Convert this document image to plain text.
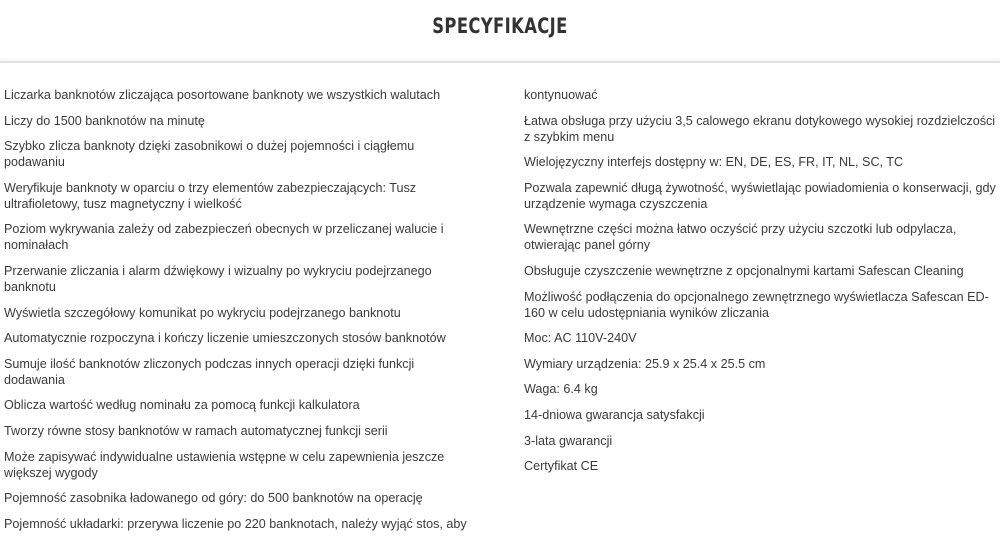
SPECYFIKACJE
Liczarka banknotów zliczająca posortowane banknoty we wszystkich walutach
Liczy do 1500 banknotów na minutę
Szybko zlicza banknoty dzięki zasobnikowi o dużej pojemności i ciągłemu podawaniu
Weryfikuje banknoty w oparciu o trzy elementów zabezpieczających: Tusz ultrafioletowy, tusz magnetyczny i wielkość
Poziom wykrywania zależy od zabezpieczeń obecnych w przeliczanej walucie i nominałach
Przerwanie zliczania i alarm dźwiękowy i wizualny po wykryciu podejrzanego banknotu
Wyświetla szczegółowy komunikat po wykryciu podejrzanego banknotu
Automatycznie rozpoczyna i kończy liczenie umieszczonych stosów banknotów
Sumuje ilość banknotów zliczonych podczas innych operacji dzięki funkcji dodawania
Oblicza wartość według nominału za pomocą funkcji kalkulatora
Tworzy równe stosy banknotów w ramach automatycznej funkcji serii
Może zapisywać indywidualne ustawienia wstępne w celu zapewnienia jeszcze większej wygody
Pojemność zasobnika ładowanego od góry: do 500 banknotów na operację
Pojemność układarki: przerywa liczenie po 220 banknotach, należy wyjąć stos, aby
kontynuować
Łatwa obsługa przy użyciu 3,5 calowego ekranu dotykowego wysokiej rozdzielczości z szybkim menu
Wielojęzyczny interfejs dostępny w: EN, DE, ES, FR, IT, NL, SC, TC
Pozwala zapewnić długą żywotność, wyświetlając powiadomienia o konserwacji, gdy urządzenie wymaga czyszczenia
Wewnętrzne części można łatwo oczyścić przy użyciu szczotki lub odpylacza, otwierając panel górny
Obsługuje czyszczenie wewnętrzne z opcjonalnymi kartami Safescan Cleaning
Możliwość podłączenia do opcjonalnego zewnętrznego wyświetlacza Safescan ED-160 w celu udostępniania wyników zliczania
Moc: AC 110V-240V
Wymiary urządzenia: 25.9 x 25.4 x 25.5 cm
Waga: 6.4 kg
14-dniowa gwarancja satysfakcji
3-lata gwarancji
Certyfikat CE
